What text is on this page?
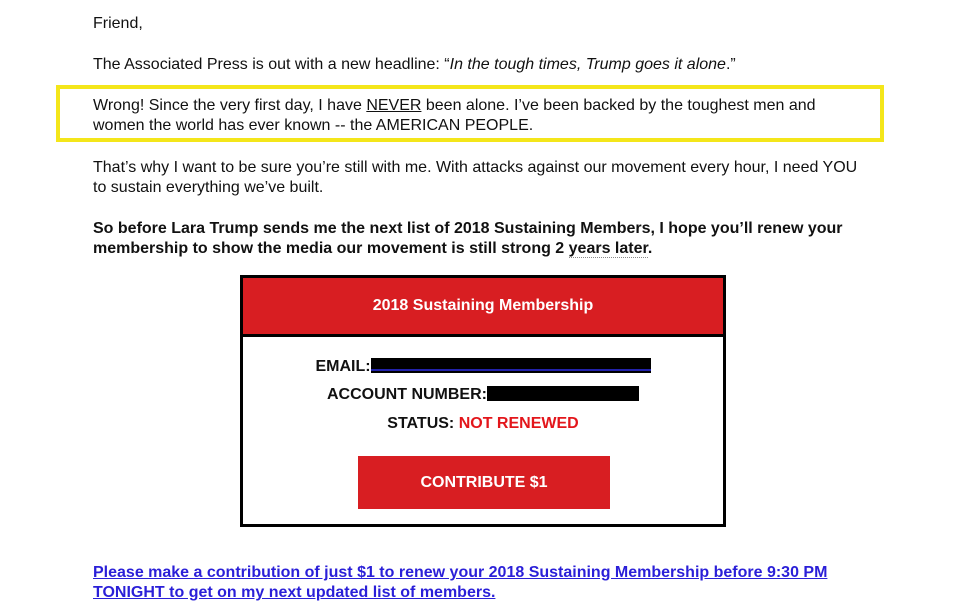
Friend,
The Associated Press is out with a new headline: “In the tough times, Trump goes it alone.”
Wrong! Since the very first day, I have NEVER been alone. I’ve been backed by the toughest men and women the world has ever known -- the AMERICAN PEOPLE.
That’s why I want to be sure you’re still with me. With attacks against our movement every hour, I need YOU to sustain everything we’ve built.
So before Lara Trump sends me the next list of 2018 Sustaining Members, I hope you’ll renew your membership to show the media our movement is still strong 2 years later.
2018 Sustaining Membership
EMAIL:
ACCOUNT NUMBER:
STATUS: NOT RENEWED
CONTRIBUTE $1
Please make a contribution of just $1 to renew your 2018 Sustaining Membership before 9:30 PM TONIGHT to get on my next updated list of members.
